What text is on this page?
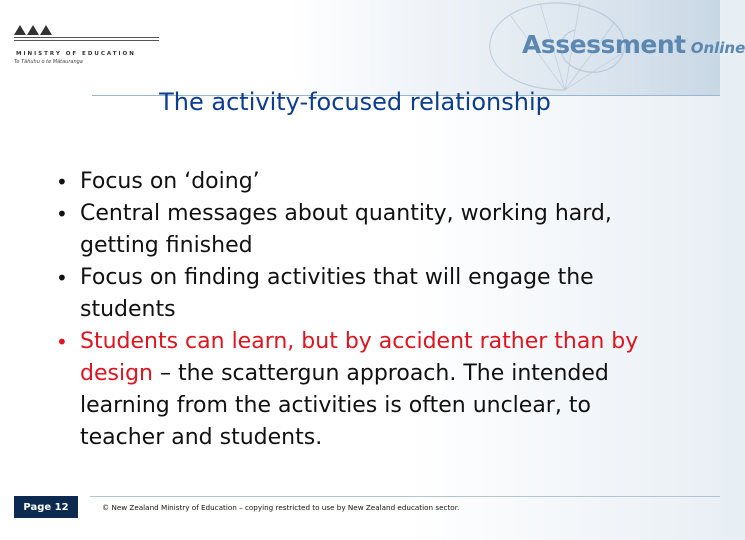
MINISTRY OF EDUCATION
Te Tāhuhu o te Mātauranga
Assessment Online
The activity-focused relationship
• Focus on ‘doing’
• Central messages about quantity, working hard, getting finished
• Focus on finding activities that will engage the students
• Students can learn, but by accident rather than by design – the scattergun approach. The intended learning from the activities is often unclear, to teacher and students.
Page 12	© New Zealand Ministry of Education – copying restricted to use by New Zealand education sector.
